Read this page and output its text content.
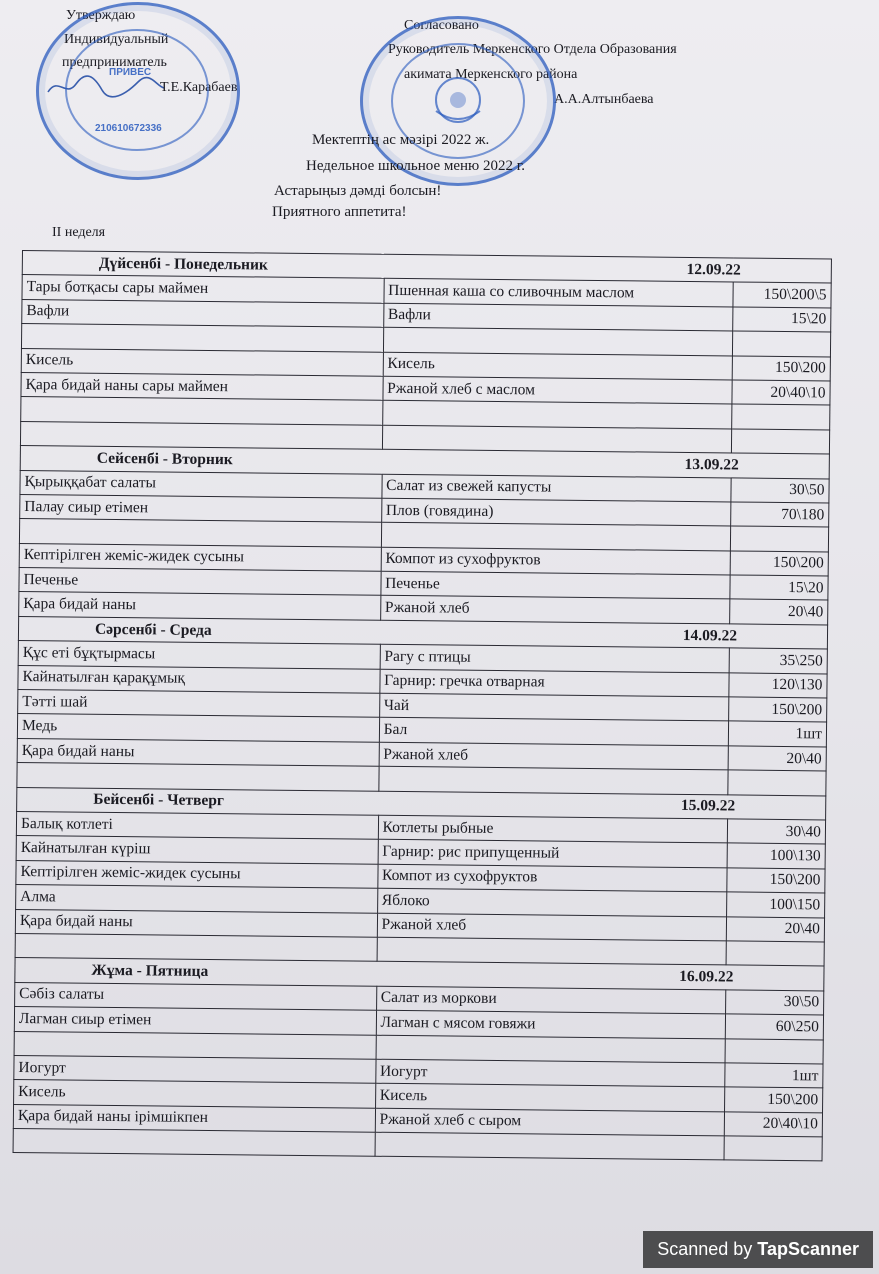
Утверждаю
Индивидуальный
предприниматель
Т.Е.Карабаев
ПРИВЕС
210610672336
Согласовано
Руководитель Меркенского Отдела Образования
акимата Меркенского района
А.А.Алтынбаева
Мектептің ас мәзірі 2022 ж.
Недельное школьное меню 2022 г.
Астарыңыз дәмді болсын!
Приятного аппетита!
II неделя
Дүйсенбі - Понедельник 12.09.22		

Тары ботқасы сары маймен	Пшенная каша со сливочным маслом	150\200\5
Вафли	Вафли	15\20

Кисель	Кисель	150\200
Қара бидай наны сары маймен	Ржаной хлеб с маслом	20\40\10

Сейсенбі - Вторник 13.09.22		

Қырыққабат салаты	Салат из свежей капусты	30\50
Палау сиыр етімен	Плов (говядина)	70\180

Кептірілген жеміс-жидек сусыны	Компот из сухофруктов	150\200
Печенье	Печенье	15\20
Қара бидай наны	Ржаной хлеб	20\40
Сәрсенбі - Среда 14.09.22		

Құс еті бұқтырмасы	Рагу с птицы	35\250
Кайнатылған қарақұмық	Гарнир: гречка отварная	120\130
Тәтті шай	Чай	150\200
Медь	Бал	1шт
Қара бидай наны	Ржаной хлеб	20\40

Бейсенбі - Четверг 15.09.22		

Балық котлеті	Котлеты рыбные	30\40
Кайнатылған күріш	Гарнир: рис припущенный	100\130
Кептірілген жеміс-жидек сусыны	Компот из сухофруктов	150\200
Алма	Яблоко	100\150
Қара бидай наны	Ржаной хлеб	20\40

Жұма - Пятница 16.09.22		

Сәбіз салаты	Салат из моркови	30\50
Лагман сиыр етімен	Лагман с мясом говяжи	60\250

Иогурт	Иогурт	1шт
Кисель	Кисель	150\200
Қара бидай наны ірімшікпен	Ржаной хлеб с сыром	20\40\10

Scanned by TapScanner
